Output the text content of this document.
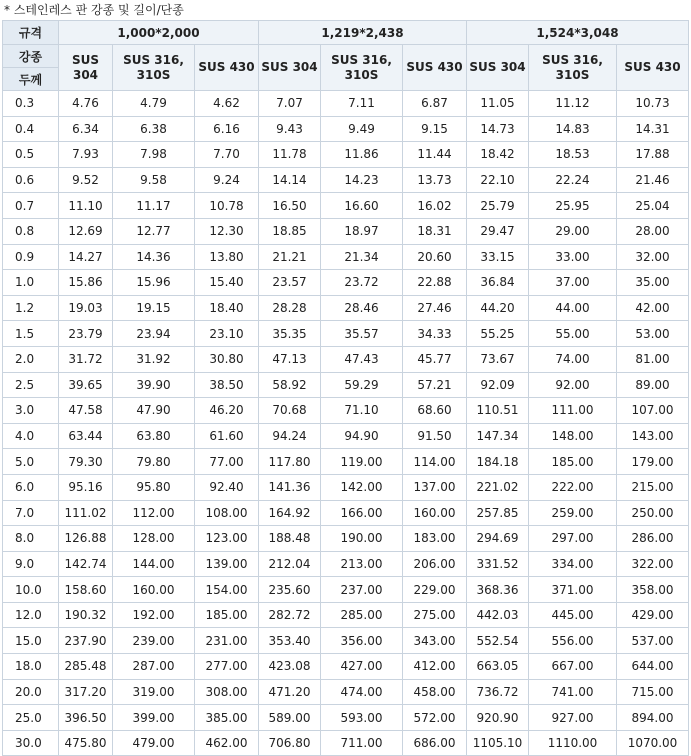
* 스테인레스 판 강종 및 길이/단종
규격	1,000*2,000			1,219*2,438			1,524*3,048		
강종	SUS 304	SUS 316, 310S	SUS 430	SUS 304	SUS 316, 310S	SUS 430	SUS 304	SUS 316, 310S	SUS 430
두께									
0.3	4.76	4.79	4.62	7.07	7.11	6.87	11.05	11.12	10.73
0.4	6.34	6.38	6.16	9.43	9.49	9.15	14.73	14.83	14.31
0.5	7.93	7.98	7.70	11.78	11.86	11.44	18.42	18.53	17.88
0.6	9.52	9.58	9.24	14.14	14.23	13.73	22.10	22.24	21.46
0.7	11.10	11.17	10.78	16.50	16.60	16.02	25.79	25.95	25.04
0.8	12.69	12.77	12.30	18.85	18.97	18.31	29.47	29.00	28.00
0.9	14.27	14.36	13.80	21.21	21.34	20.60	33.15	33.00	32.00
1.0	15.86	15.96	15.40	23.57	23.72	22.88	36.84	37.00	35.00
1.2	19.03	19.15	18.40	28.28	28.46	27.46	44.20	44.00	42.00
1.5	23.79	23.94	23.10	35.35	35.57	34.33	55.25	55.00	53.00
2.0	31.72	31.92	30.80	47.13	47.43	45.77	73.67	74.00	81.00
2.5	39.65	39.90	38.50	58.92	59.29	57.21	92.09	92.00	89.00
3.0	47.58	47.90	46.20	70.68	71.10	68.60	110.51	111.00	107.00
4.0	63.44	63.80	61.60	94.24	94.90	91.50	147.34	148.00	143.00
5.0	79.30	79.80	77.00	117.80	119.00	114.00	184.18	185.00	179.00
6.0	95.16	95.80	92.40	141.36	142.00	137.00	221.02	222.00	215.00
7.0	111.02	112.00	108.00	164.92	166.00	160.00	257.85	259.00	250.00
8.0	126.88	128.00	123.00	188.48	190.00	183.00	294.69	297.00	286.00
9.0	142.74	144.00	139.00	212.04	213.00	206.00	331.52	334.00	322.00
10.0	158.60	160.00	154.00	235.60	237.00	229.00	368.36	371.00	358.00
12.0	190.32	192.00	185.00	282.72	285.00	275.00	442.03	445.00	429.00
15.0	237.90	239.00	231.00	353.40	356.00	343.00	552.54	556.00	537.00
18.0	285.48	287.00	277.00	423.08	427.00	412.00	663.05	667.00	644.00
20.0	317.20	319.00	308.00	471.20	474.00	458.00	736.72	741.00	715.00
25.0	396.50	399.00	385.00	589.00	593.00	572.00	920.90	927.00	894.00
30.0	475.80	479.00	462.00	706.80	711.00	686.00	1105.10	1110.00	1070.00
